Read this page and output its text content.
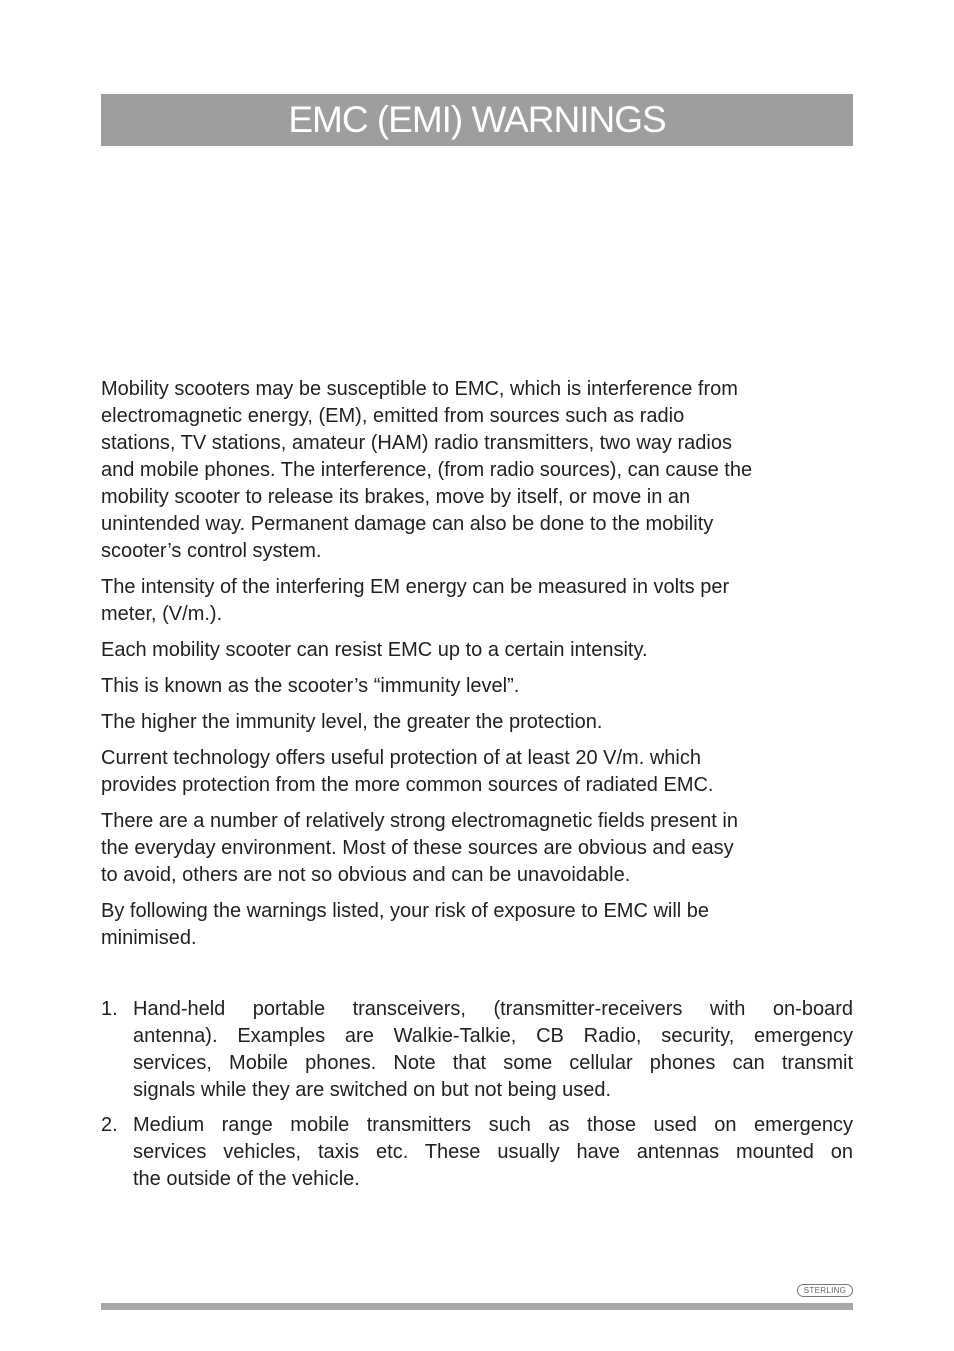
EMC (EMI) WARNINGS
Mobility scooters may be susceptible to EMC, which is interference from
electromagnetic energy, (EM), emitted from sources such as radio
stations, TV stations, amateur (HAM) radio transmitters, two way radios
and mobile phones. The interference, (from radio sources), can cause the
mobility scooter to release its brakes, move by itself, or move in an
unintended way. Permanent damage can also be done to the mobility
scooter’s control system.
The intensity of the interfering EM energy can be measured in volts per
meter, (V/m.).
Each mobility scooter can resist EMC up to a certain intensity.
This is known as the scooter’s “immunity level”.
The higher the immunity level, the greater the protection.
Current technology offers useful protection of at least 20 V/m. which
provides protection from the more common sources of radiated EMC.
There are a number of relatively strong electromagnetic fields present in
the everyday environment. Most of these sources are obvious and easy
to avoid, others are not so obvious and can be unavoidable.
By following the warnings listed, your risk of exposure to EMC will be
minimised.
1. Hand-held portable transceivers, (transmitter-receivers with on-board
antenna). Examples are Walkie-Talkie, CB Radio, security, emergency
services, Mobile phones. Note that some cellular phones can transmit
signals while they are switched on but not being used.
2. Medium range mobile transmitters such as those used on emergency
services vehicles, taxis etc. These usually have antennas mounted on
the outside of the vehicle.
STERLING
